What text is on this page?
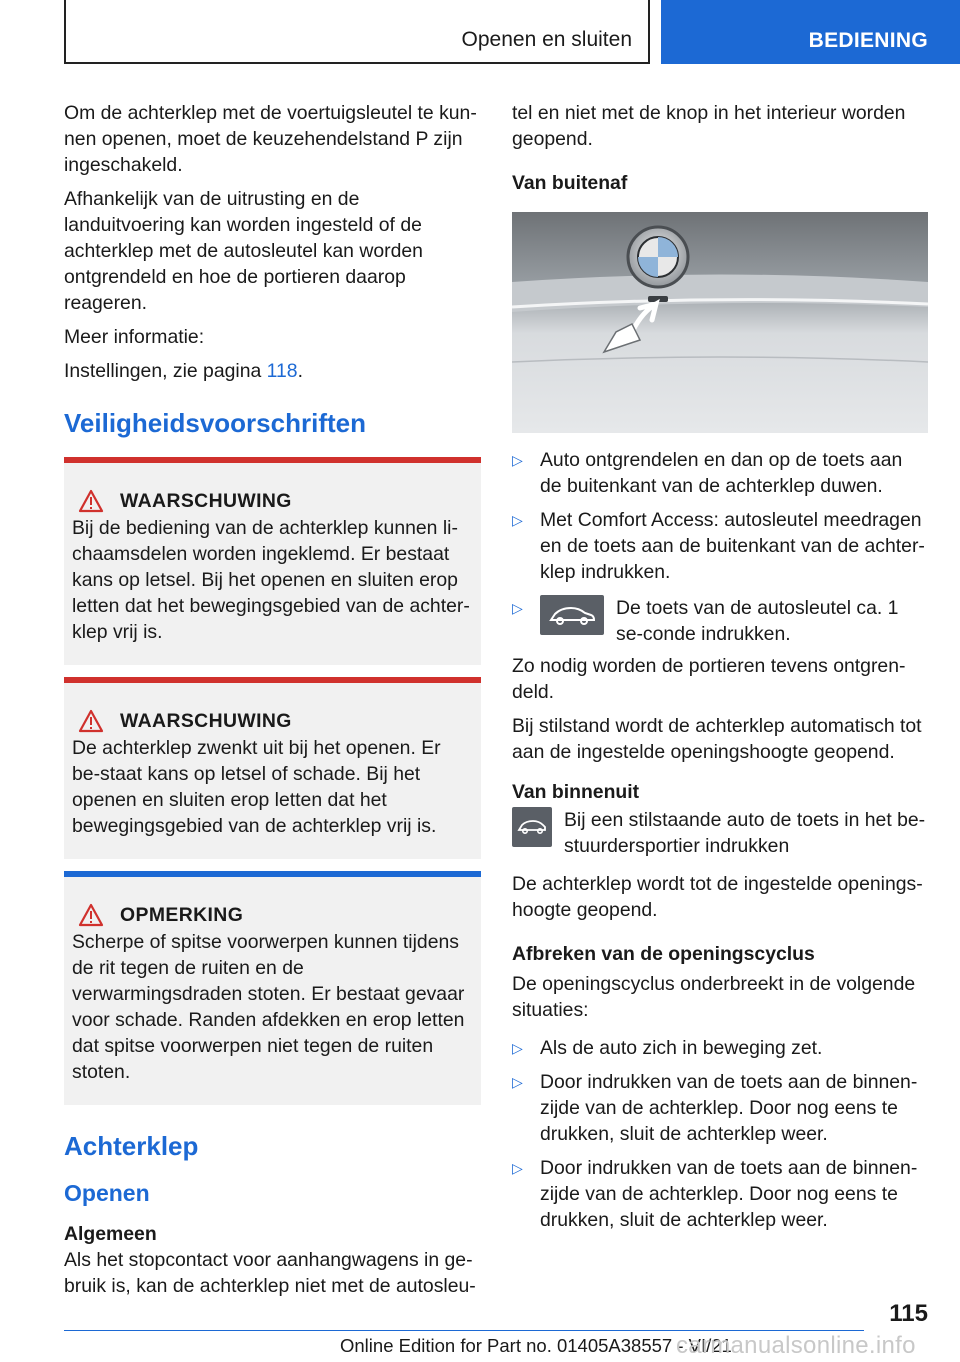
Openen en sluiten	BEDIENING

Om de achterklep met de voertuigsleutel te kun-nen openen, moet de keuzehendelstand P zijn ingeschakeld.

Afhankelijk van de uitrusting en de landuitvoering kan worden ingesteld of de achterklep met de autosleutel kan worden ontgrendeld en hoe de portieren daarop reageren.

Meer informatie:

Instellingen, zie pagina 118.

Veiligheidsvoorschriften
WAARSCHUWING

Bij de bediening van de achterklep kunnen li-chaamsdelen worden ingeklemd. Er bestaat kans op letsel. Bij het openen en sluiten erop letten dat het bewegingsgebied van de achter-klep vrij is.

WAARSCHUWING

De achterklep zwenkt uit bij het openen. Er be-staat kans op letsel of schade. Bij het openen en sluiten erop letten dat het bewegingsgebied van de achterklep vrij is.

OPMERKING

Scherpe of spitse voorwerpen kunnen tijdens de rit tegen de ruiten en de verwarmingsdraden stoten. Er bestaat gevaar voor schade. Randen afdekken en erop letten dat spitse voorwerpen niet tegen de ruiten stoten.

Achterklep
Openen
Algemeen

Als het stopcontact voor aanhangwagens in ge-bruik is, kan de achterklep niet met de autosleu-

tel en niet met de knop in het interieur worden geopend.

Van buitenaf
▷ Auto ontgrendelen en dan op de toets aan de buitenkant van de achterklep duwen.

▷ Met Comfort Access: autosleutel meedragen en de toets aan de buitenkant van de achter-klep indrukken.

▷	De toets van de autosleutel ca. 1 se-conde indrukken.

Zo nodig worden de portieren tevens ontgren-deld.

Bij stilstand wordt de achterklep automatisch tot aan de ingestelde openingshoogte geopend.

Van binnenuit

Bij een stilstaande auto de toets in het be-stuurdersportier indrukken

De achterklep wordt tot de ingestelde openings-hoogte geopend.

Afbreken van de openingscyclus

De openingscyclus onderbreekt in de volgende situaties:

▷ Als de auto zich in beweging zet.

▷ Door indrukken van de toets aan de binnen-zijde van de achterklep. Door nog eens te drukken, sluit de achterklep weer.

▷ Door indrukken van de toets aan de binnen-zijde van de achterklep. Door nog eens te drukken, sluit de achterklep weer.

115
Online Edition for Part no. 01405A38557 - VI/21
carmanualsonline.info
